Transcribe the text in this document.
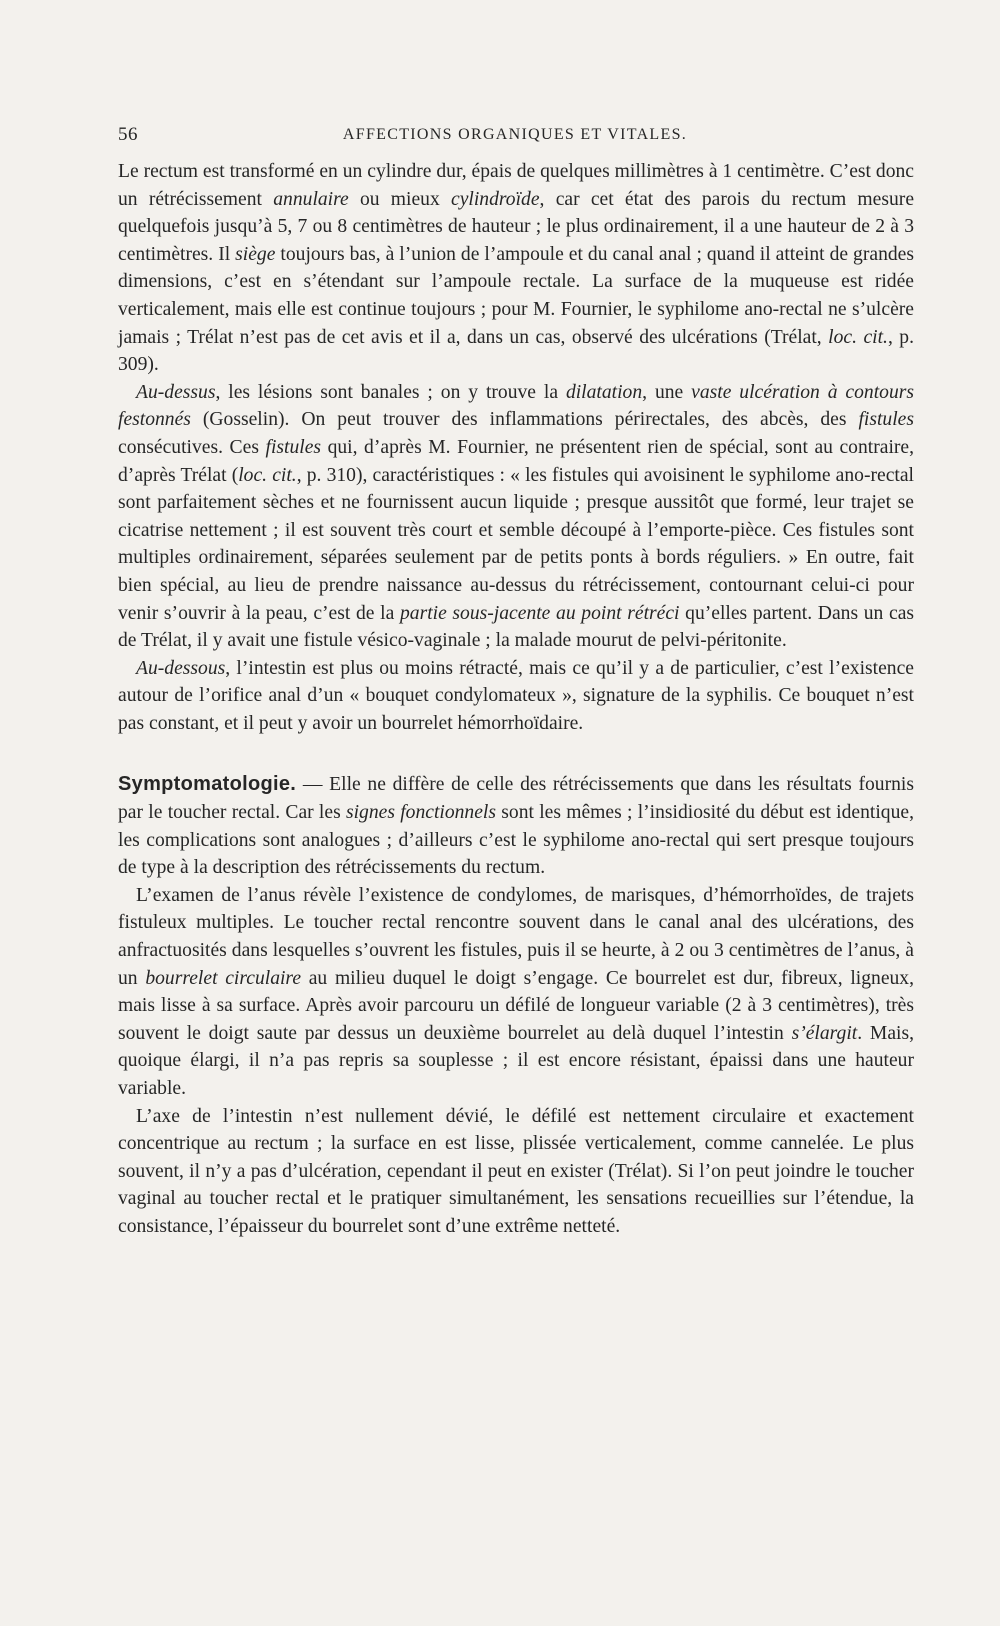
56	AFFECTIONS ORGANIQUES ET VITALES.

Le rectum est transformé en un cylindre dur, épais de quelques millimètres à 1 centimètre. C’est donc un rétrécissement annulaire ou mieux cylindroïde, car cet état des parois du rectum mesure quelquefois jusqu’à 5, 7 ou 8 centimètres de hauteur ; le plus ordinairement, il a une hauteur de 2 à 3 centimètres. Il siège toujours bas, à l’union de l’ampoule et du canal anal ; quand il atteint de grandes dimensions, c’est en s’étendant sur l’ampoule rectale. La surface de la muqueuse est ridée verticalement, mais elle est continue toujours ; pour M. Fournier, le syphilome ano-rectal ne s’ulcère jamais ; Trélat n’est pas de cet avis et il a, dans un cas, observé des ulcérations (Trélat, loc. cit., p. 309).

Au-dessus, les lésions sont banales ; on y trouve la dilatation, une vaste ulcération à contours festonnés (Gosselin). On peut trouver des inflammations périrectales, des abcès, des fistules consécutives. Ces fistules qui, d’après M. Fournier, ne présentent rien de spécial, sont au contraire, d’après Trélat (loc. cit., p. 310), caractéristiques : « les fistules qui avoisinent le syphilome ano-rectal sont parfaitement sèches et ne fournissent aucun liquide ; presque aussitôt que formé, leur trajet se cicatrise nettement ; il est souvent très court et semble découpé à l’emporte-pièce. Ces fistules sont multiples ordinairement, séparées seulement par de petits ponts à bords réguliers. » En outre, fait bien spécial, au lieu de prendre naissance au-dessus du rétrécissement, contournant celui-ci pour venir s’ouvrir à la peau, c’est de la partie sous-jacente au point rétréci qu’elles partent. Dans un cas de Trélat, il y avait une fistule vésico-vaginale ; la malade mourut de pelvi-péritonite.

Au-dessous, l’intestin est plus ou moins rétracté, mais ce qu’il y a de particulier, c’est l’existence autour de l’orifice anal d’un « bouquet condylomateux », signature de la syphilis. Ce bouquet n’est pas constant, et il peut y avoir un bourrelet hémorrhoïdaire.

Symptomatologie. — Elle ne diffère de celle des rétrécissements que dans les résultats fournis par le toucher rectal. Car les signes fonctionnels sont les mêmes ; l’insidiosité du début est identique, les complications sont analogues ; d’ailleurs c’est le syphilome ano-rectal qui sert presque toujours de type à la description des rétrécissements du rectum.

L’examen de l’anus révèle l’existence de condylomes, de marisques, d’hémorrhoïdes, de trajets fistuleux multiples. Le toucher rectal rencontre souvent dans le canal anal des ulcérations, des anfractuosités dans lesquelles s’ouvrent les fistules, puis il se heurte, à 2 ou 3 centimètres de l’anus, à un bourrelet circulaire au milieu duquel le doigt s’engage. Ce bourrelet est dur, fibreux, ligneux, mais lisse à sa surface. Après avoir parcouru un défilé de longueur variable (2 à 3 centimètres), très souvent le doigt saute par dessus un deuxième bourrelet au delà duquel l’intestin s’élargit. Mais, quoique élargi, il n’a pas repris sa souplesse ; il est encore résistant, épaissi dans une hauteur variable.

L’axe de l’intestin n’est nullement dévié, le défilé est nettement circulaire et exactement concentrique au rectum ; la surface en est lisse, plissée verticalement, comme cannelée. Le plus souvent, il n’y a pas d’ulcération, cependant il peut en exister (Trélat). Si l’on peut joindre le toucher vaginal au toucher rectal et le pratiquer simultanément, les sensations recueillies sur l’étendue, la consistance, l’épaisseur du bourrelet sont d’une extrême netteté.
